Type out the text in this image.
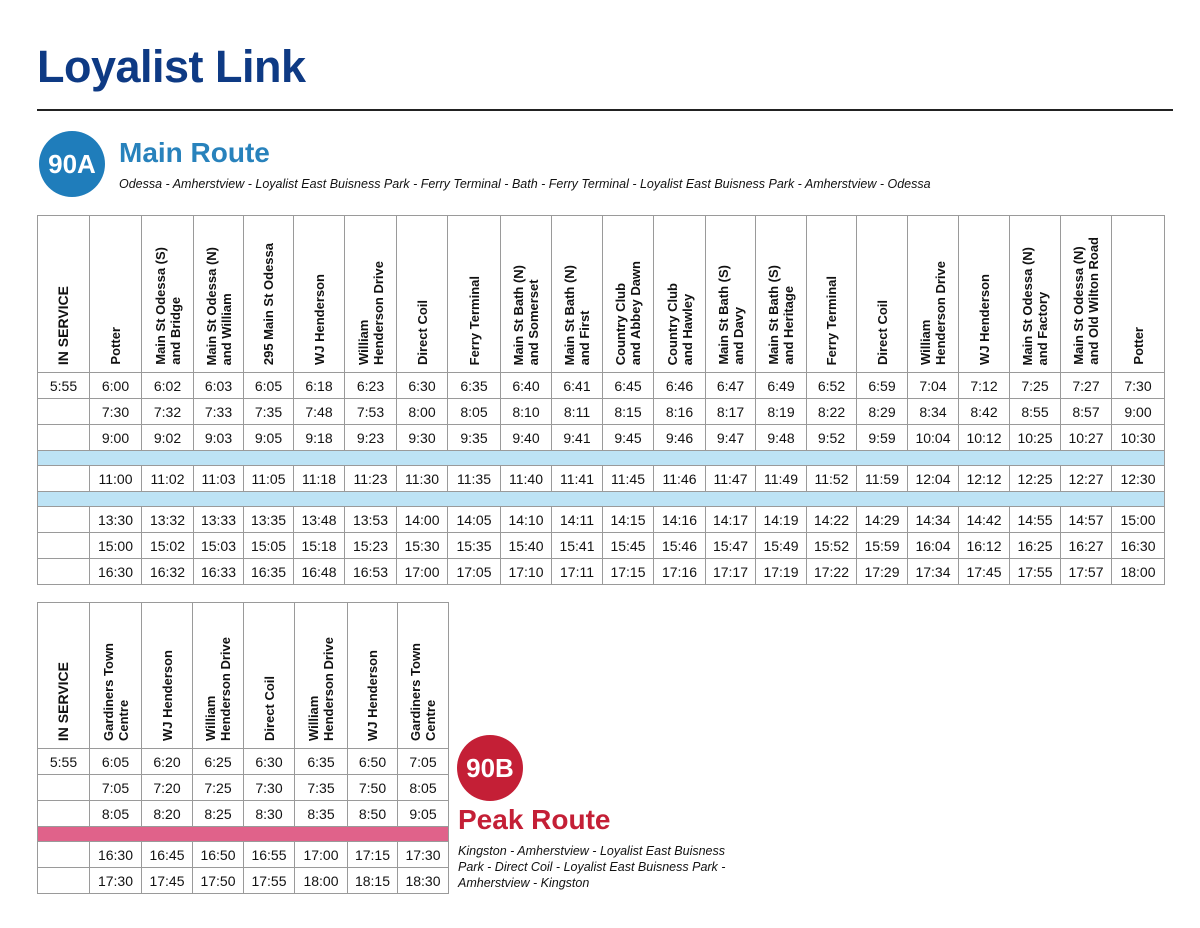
Loyalist Link
90A Main Route
Odessa - Amherstview - Loyalist East Buisness Park - Ferry Terminal - Bath - Ferry Terminal - Loyalist East Buisness Park - Amherstview - Odessa
IN SERVICE	Potter	Main St Odessa (S)
and Bridge	Main St Odessa (N)
and William	295 Main St Odessa	WJ Henderson	William
Henderson Drive	Direct Coil	Ferry Terminal	Main St Bath (N)
and Somerset	Main St Bath (N)
and First	Country Club
and Abbey Dawn	Country Club
and Hawley	Main St Bath (S)
and Davy	Main St Bath (S)
and Heritage	Ferry Terminal	Direct Coil	William
Henderson Drive	WJ Henderson	Main St Odessa (N)
and Factory	Main St Odessa (N)
and Old Wilton Road	Potter
5:55	6:00	6:02	6:03	6:05	6:18	6:23	6:30	6:35	6:40	6:41	6:45	6:46	6:47	6:49	6:52	6:59	7:04	7:12	7:25	7:27	7:30
	7:30	7:32	7:33	7:35	7:48	7:53	8:00	8:05	8:10	8:11	8:15	8:16	8:17	8:19	8:22	8:29	8:34	8:42	8:55	8:57	9:00
	9:00	9:02	9:03	9:05	9:18	9:23	9:30	9:35	9:40	9:41	9:45	9:46	9:47	9:48	9:52	9:59	10:04	10:12	10:25	10:27	10:30

	11:00	11:02	11:03	11:05	11:18	11:23	11:30	11:35	11:40	11:41	11:45	11:46	11:47	11:49	11:52	11:59	12:04	12:12	12:25	12:27	12:30

	13:30	13:32	13:33	13:35	13:48	13:53	14:00	14:05	14:10	14:11	14:15	14:16	14:17	14:19	14:22	14:29	14:34	14:42	14:55	14:57	15:00
	15:00	15:02	15:03	15:05	15:18	15:23	15:30	15:35	15:40	15:41	15:45	15:46	15:47	15:49	15:52	15:59	16:04	16:12	16:25	16:27	16:30
	16:30	16:32	16:33	16:35	16:48	16:53	17:00	17:05	17:10	17:11	17:15	17:16	17:17	17:19	17:22	17:29	17:34	17:45	17:55	17:57	18:00
IN SERVICE	Gardiners Town
Centre	WJ Henderson	William
Henderson Drive	Direct Coil	William
Henderson Drive	WJ Henderson	Gardiners Town
Centre
5:55	6:05	6:20	6:25	6:30	6:35	6:50	7:05
	7:05	7:20	7:25	7:30	7:35	7:50	8:05
	8:05	8:20	8:25	8:30	8:35	8:50	9:05

	16:30	16:45	16:50	16:55	17:00	17:15	17:30
	17:30	17:45	17:50	17:55	18:00	18:15	18:30
90B
Peak Route
Kingston - Amherstview - Loyalist East Buisness Park - Direct Coil - Loyalist East Buisness Park - Amherstview - Kingston
